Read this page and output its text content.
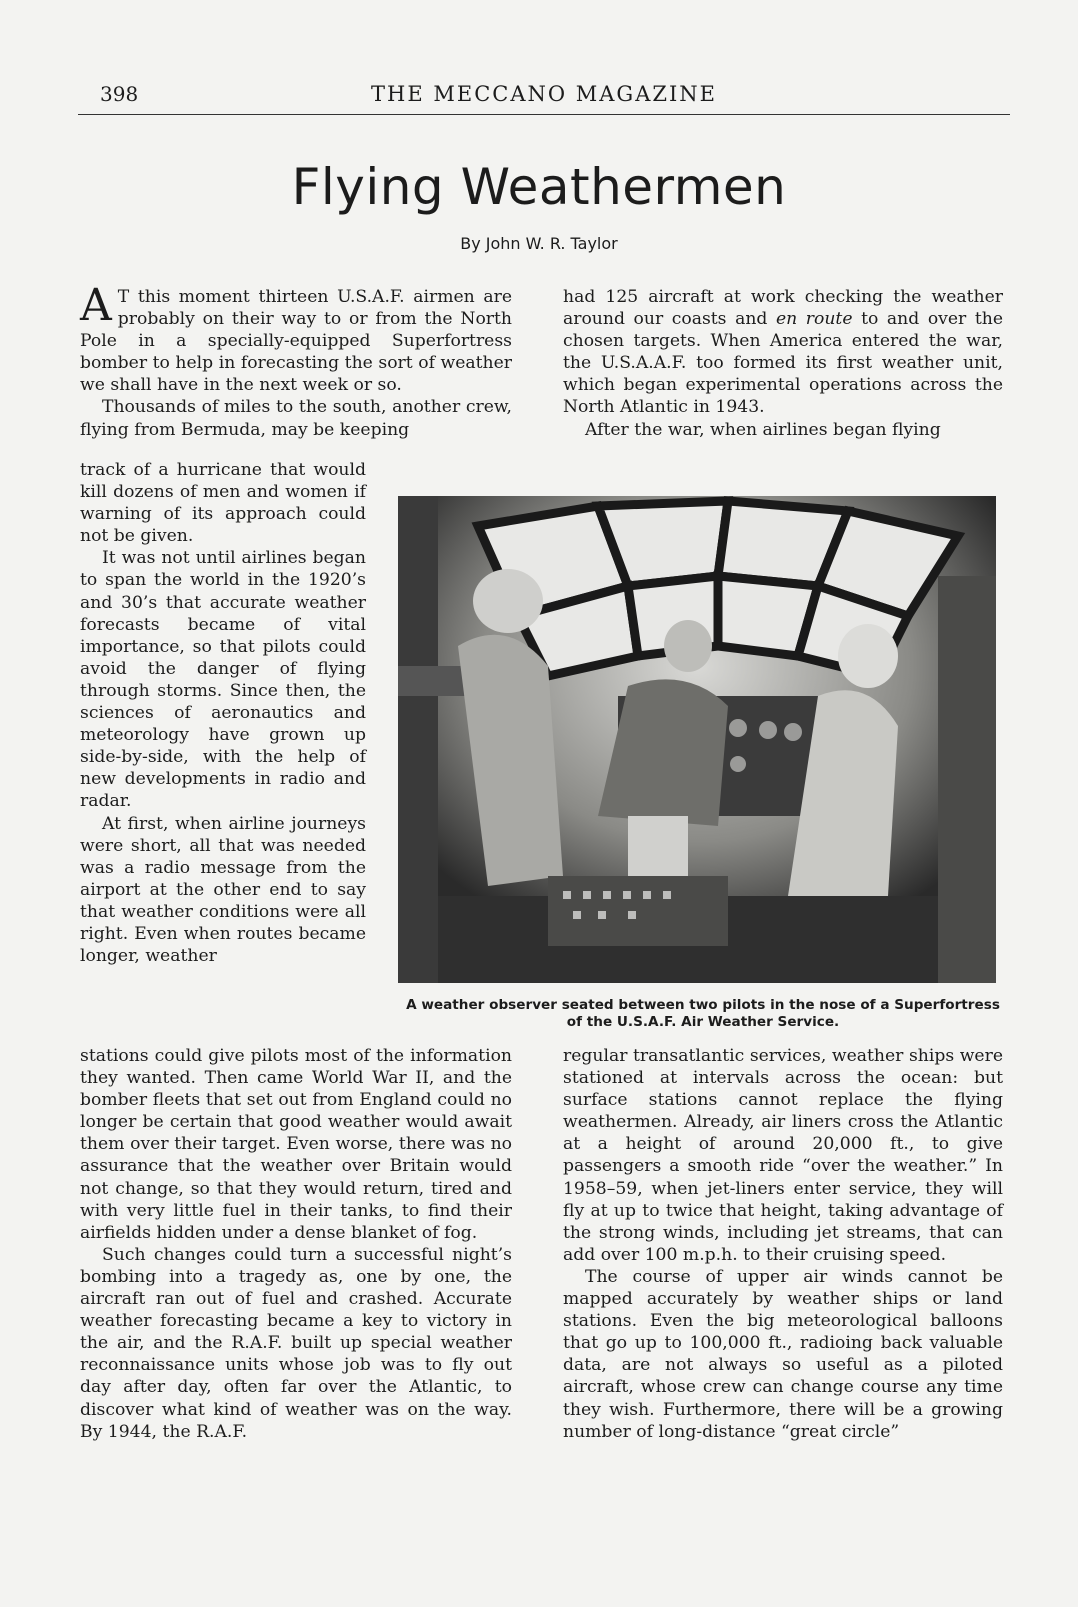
398	THE MECCANO MAGAZINE
Flying Weathermen
By John W. R. Taylor

A T this moment thirteen U.S.A.F. airmen are probably on their way to or from the North Pole in a specially-equipped Superfortress bomber to help in forecasting the sort of weather we shall have in the next week or so.

Thousands of miles to the south, another crew, flying from Bermuda, may be keeping

track of a hurricane that would kill dozens of men and women if warning of its approach could not be given.

It was not until airlines began to span the world in the 1920’s and 30’s that accurate weather forecasts became of vital importance, so that pilots could avoid the danger of flying through storms. Since then, the sciences of aeronautics and meteorology have grown up side-by-side, with the help of new developments in radio and radar.

At first, when airline journeys were short, all that was needed was a radio message from the airport at the other end to say that weather conditions were all right. Even when routes became longer, weather

stations could give pilots most of the information they wanted. Then came World War II, and the bomber fleets that set out from England could no longer be certain that good weather would await them over their target. Even worse, there was no assurance that the weather over Britain would not change, so that they would return, tired and with very little fuel in their tanks, to find their airfields hidden under a dense blanket of fog.

Such changes could turn a successful night’s bombing into a tragedy as, one by one, the aircraft ran out of fuel and crashed. Accurate weather forecasting became a key to victory in the air, and the R.A.F. built up special weather reconnaissance units whose job was to fly out day after day, often far over the Atlantic, to discover what kind of weather was on the way. By 1944, the R.A.F.

had 125 aircraft at work checking the weather around our coasts and en route to and over the chosen targets. When America entered the war, the U.S.A.A.F. too formed its first weather unit, which began experimental operations across the North Atlantic in 1943.

After the war, when airlines began flying

A weather observer seated between two pilots in the nose of a Superfortress of the U.S.A.F. Air Weather Service.

regular transatlantic services, weather ships were stationed at intervals across the ocean: but surface stations cannot replace the flying weathermen. Already, air liners cross the Atlantic at a height of around 20,000 ft., to give passengers a smooth ride “over the weather.” In 1958–59, when jet-liners enter service, they will fly at up to twice that height, taking advantage of the strong winds, including jet streams, that can add over 100 m.p.h. to their cruising speed.

The course of upper air winds cannot be mapped accurately by weather ships or land stations. Even the big meteorological balloons that go up to 100,000 ft., radioing back valuable data, are not always so useful as a piloted aircraft, whose crew can change course any time they wish. Furthermore, there will be a growing number of long-distance “great circle”
